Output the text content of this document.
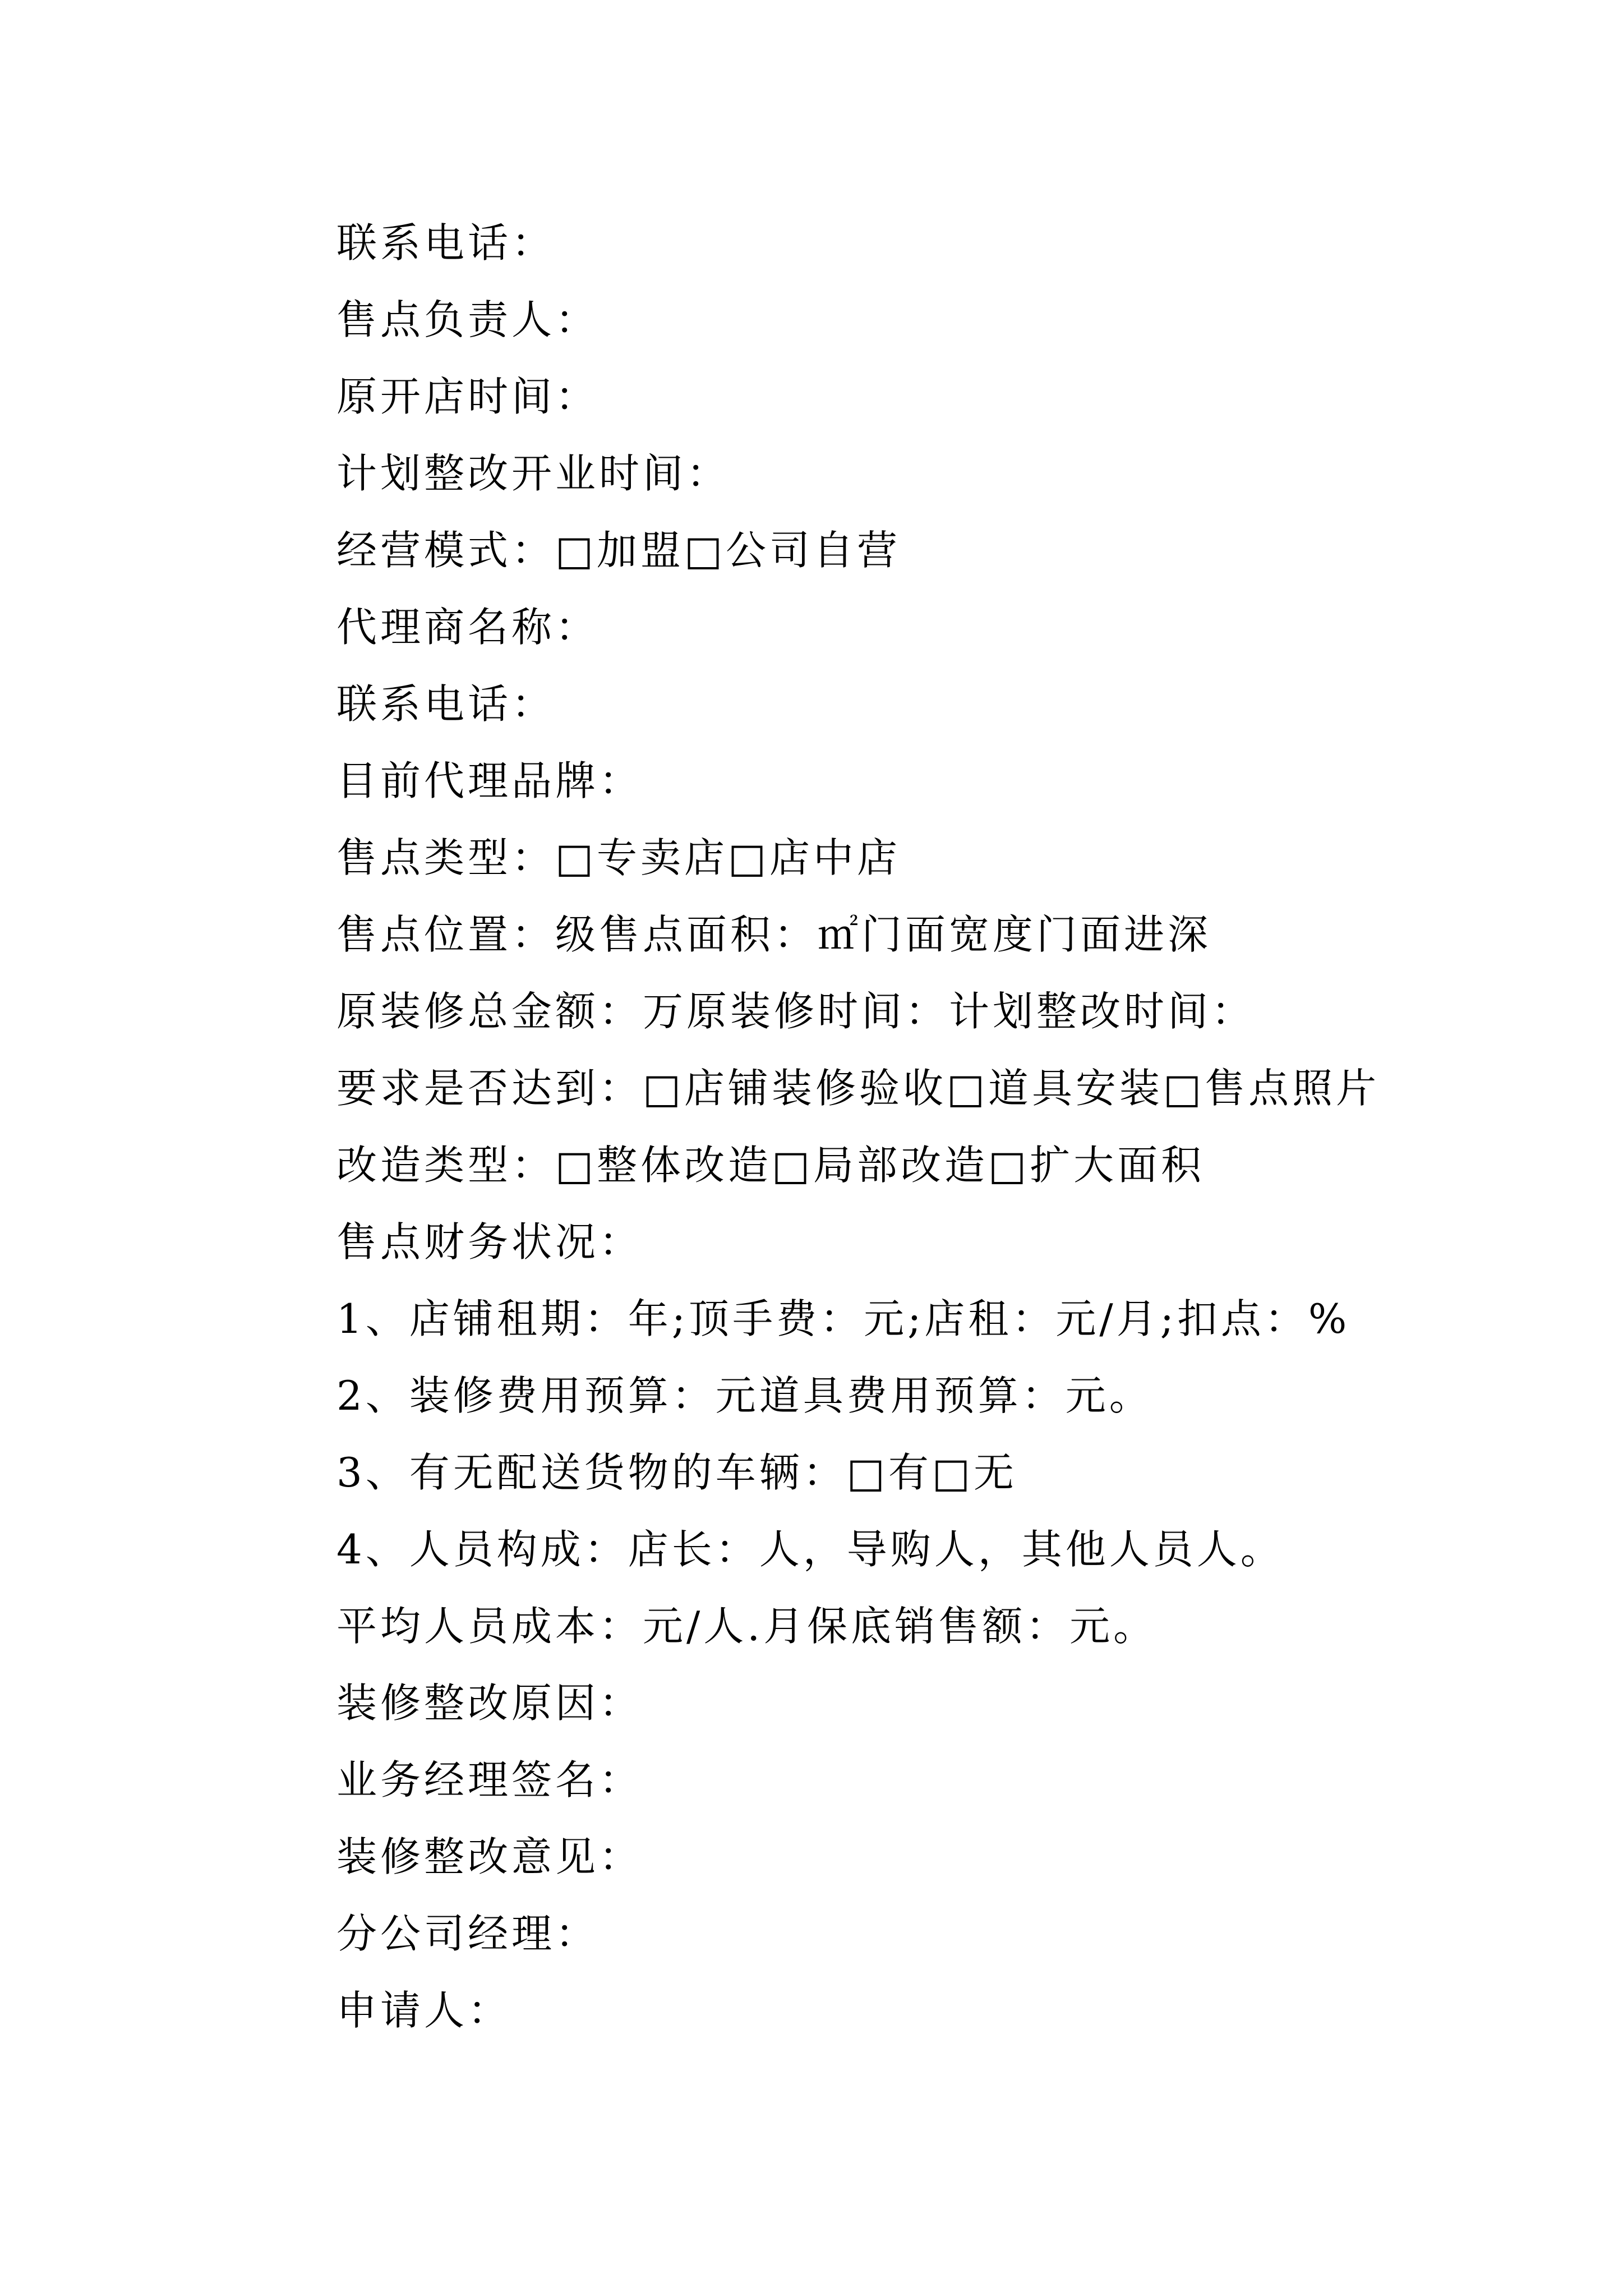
联系电话：
售点负责人：
原开店时间：
计划整改开业时间：
经营模式：□加盟□公司自营
代理商名称：
联系电话：
目前代理品牌：
售点类型：□专卖店□店中店
售点位置：级售点面积：㎡门面宽度门面进深
原装修总金额：万原装修时间：计划整改时间：
要求是否达到：□店铺装修验收□道具安装□售点照片
改造类型：□整体改造□局部改造□扩大面积
售点财务状况：
1、店铺租期：年;顶手费：元;店租：元/月;扣点：%
2、装修费用预算：元道具费用预算：元。
3、有无配送货物的车辆：□有□无
4、人员构成：店长：人，导购人，其他人员人。
平均人员成本：元/人.月保底销售额：元。
装修整改原因：
业务经理签名：
装修整改意见：
分公司经理：
申请人：
